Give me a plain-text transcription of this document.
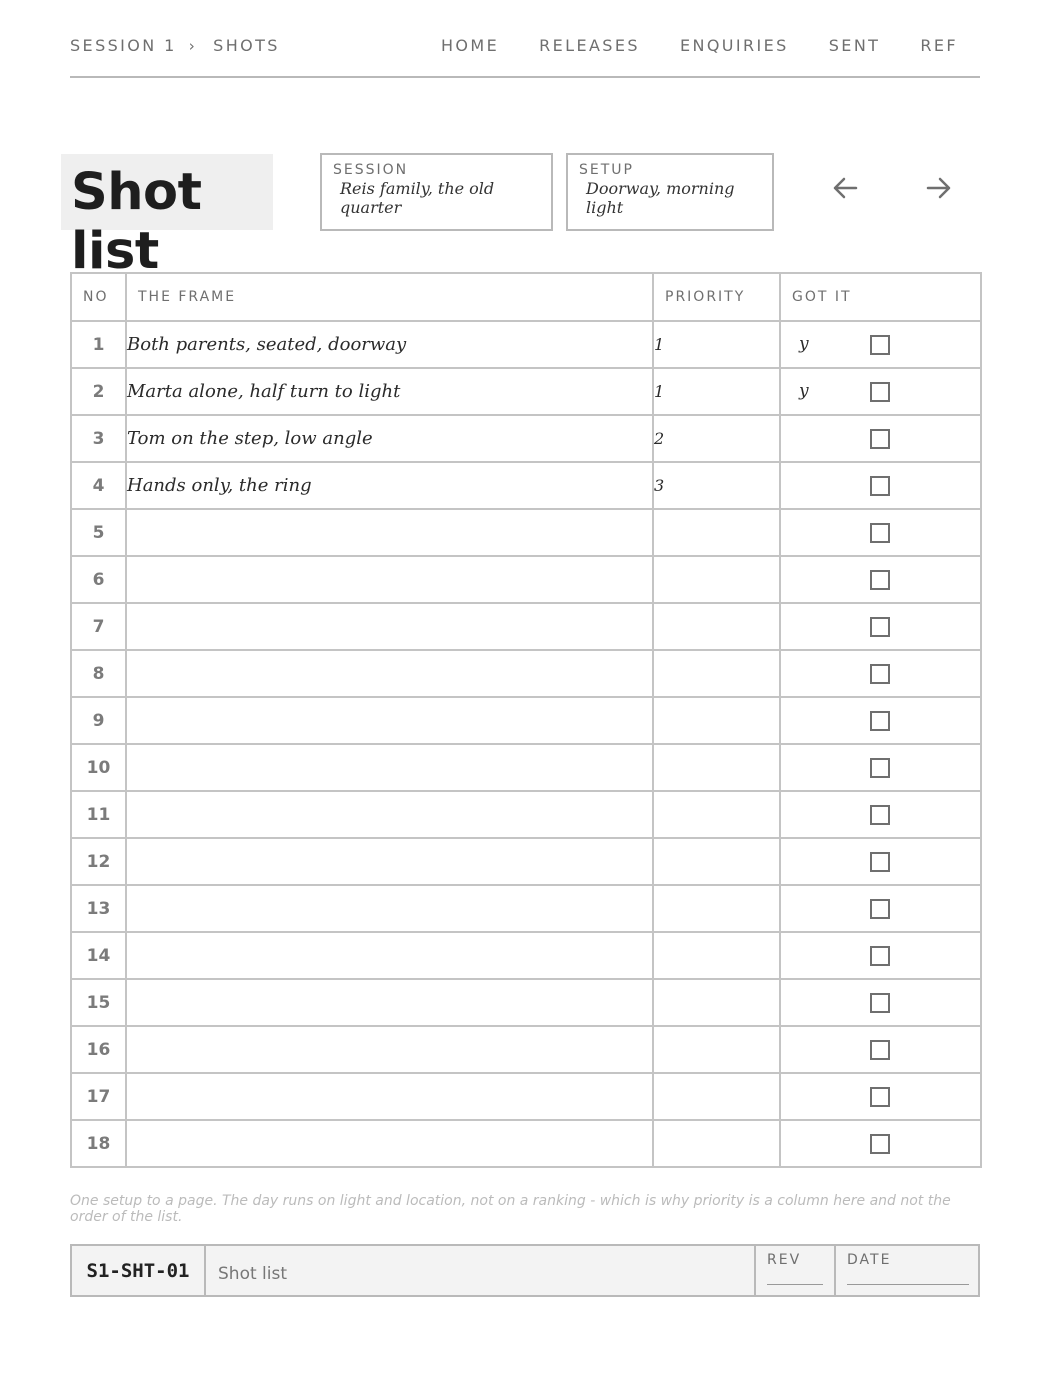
SESSION 1 › SHOTS	HOME	RELEASES	ENQUIRIES	SENT	REF
Shot list
SESSION
Reis family, the old quarter
SETUP
Doorway, morning light
NO	THE FRAME	PRIORITY	GOT IT
1	Both parents, seated, doorway	1	y

2	Marta alone, half turn to light	1	y

3	Tom on the step, low angle	2	

4	Hands only, the ring	3	

5			

6			

7			

8			

9			

10			

11			

12			

13			

14			

15			

16			

17			

18			
One setup to a page. The day runs on light and location, not on a ranking - which is why priority is a column here and not the order of the list.
S1-SHT-01	Shot list
REV	DATE
